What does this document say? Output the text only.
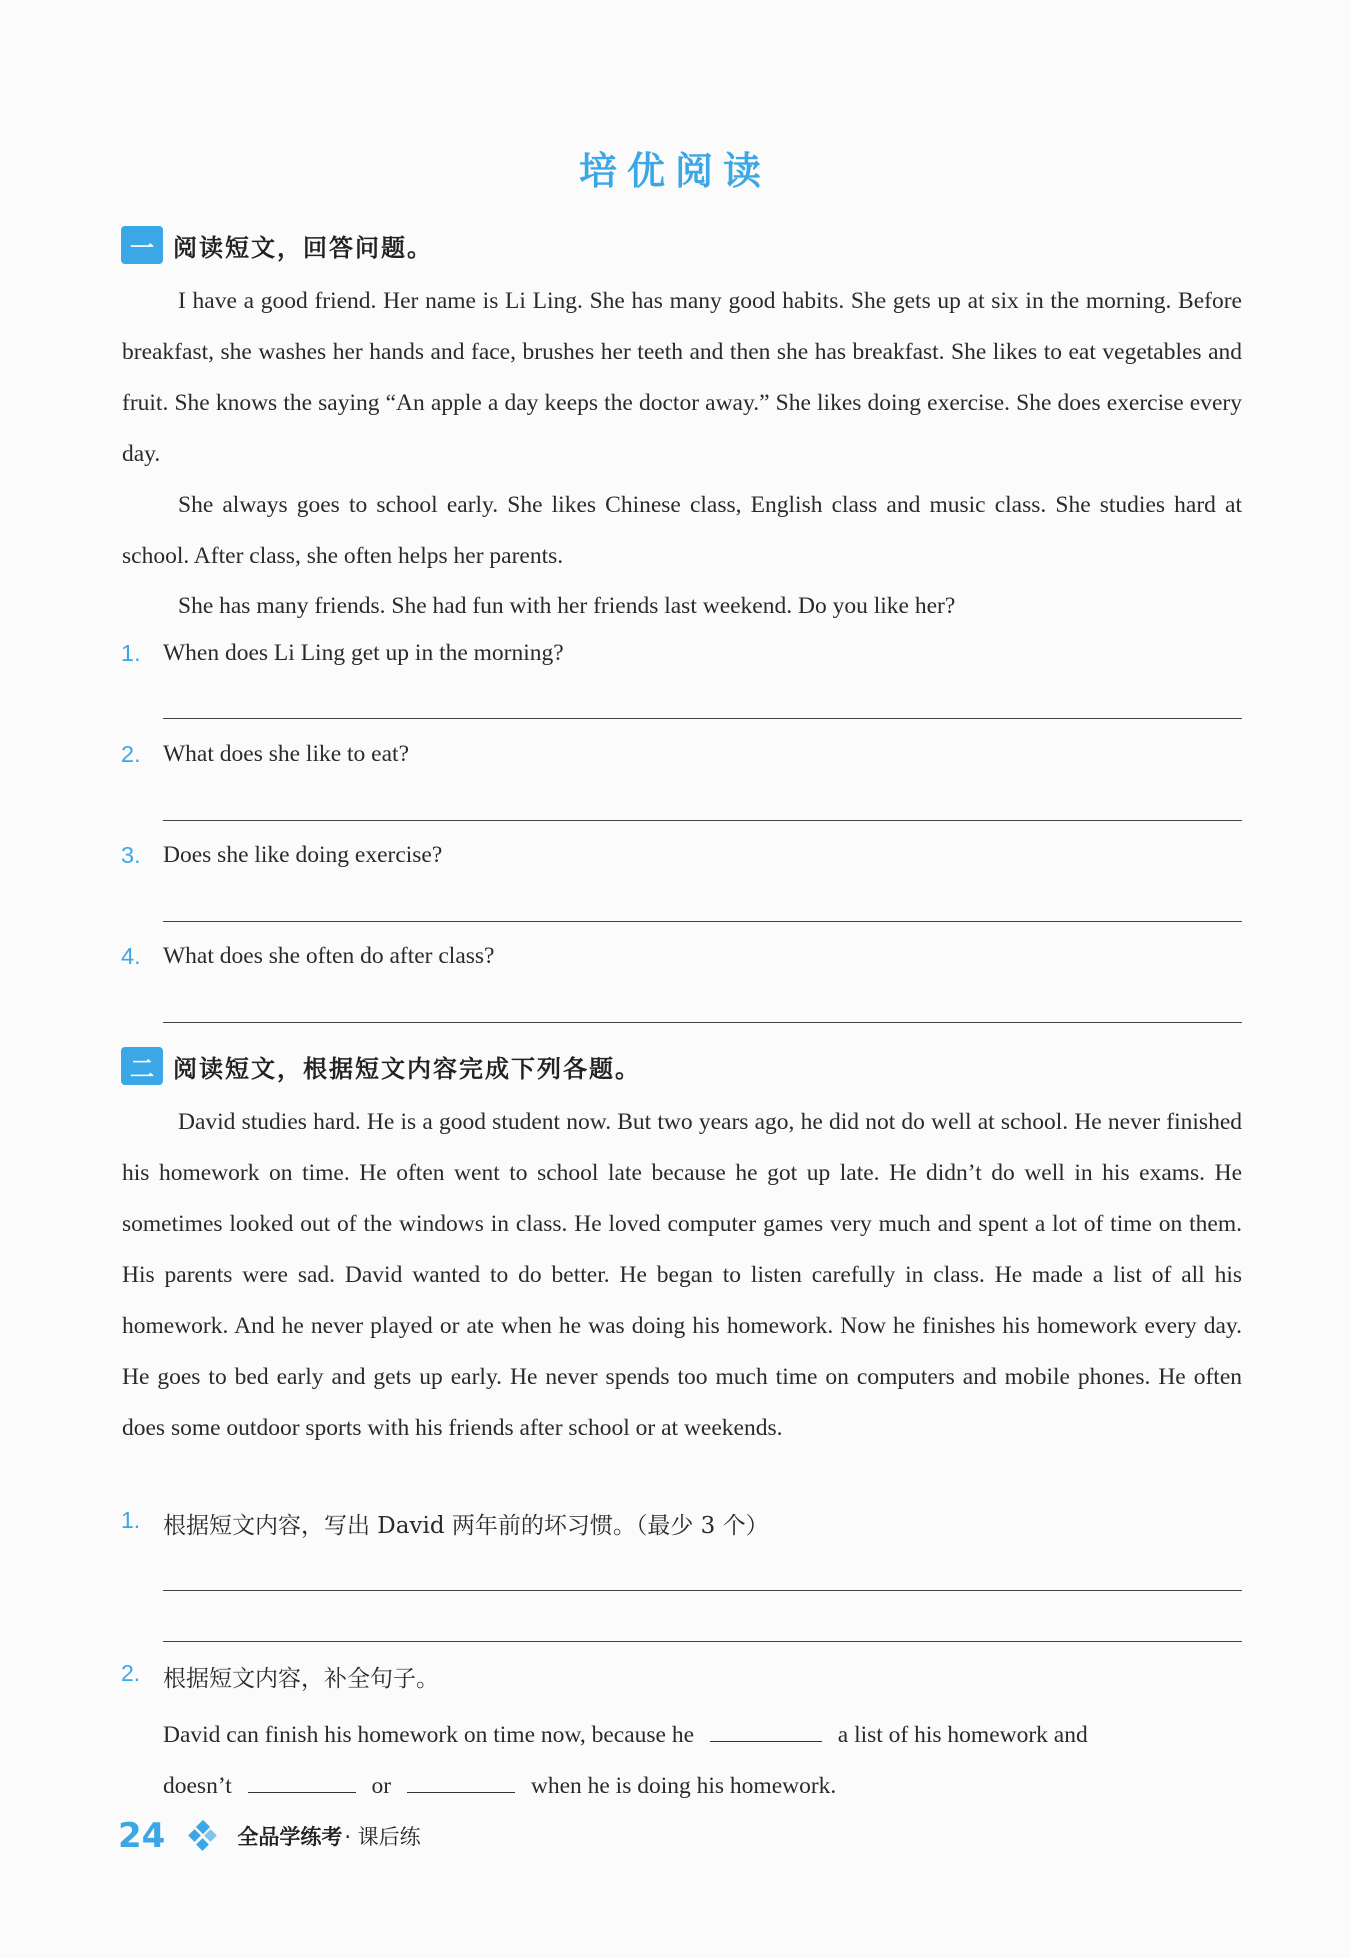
培优阅读
一 阅读短文，回答问题。

I have a good friend. Her name is Li Ling. She has many good habits. She gets up at six in the morning. Before breakfast, she washes her hands and face, brushes her teeth and then she has breakfast. She likes to eat vegetables and fruit. She knows the saying “An apple a day keeps the doctor away.” She likes doing exercise. She does exercise every day.

She always goes to school early. She likes Chinese class, English class and music class. She studies hard at school. After class, she often helps her parents.

She has many friends. She had fun with her friends last weekend. Do you like her?

1. When does Li Ling get up in the morning?
2. What does she like to eat?
3. Does she like doing exercise?
4. What does she often do after class?
二 阅读短文，根据短文内容完成下列各题。

David studies hard. He is a good student now. But two years ago, he did not do well at school. He never finished his homework on time. He often went to school late because he got up late. He didn’t do well in his exams. He sometimes looked out of the windows in class. He loved computer games very much and spent a lot of time on them. His parents were sad. David wanted to do better. He began to listen carefully in class. He made a list of all his homework. And he never played or ate when he was doing his homework. Now he finishes his homework every day. He goes to bed early and gets up early. He never spends too much time on computers and mobile phones. He often does some outdoor sports with his friends after school or at weekends.

1. 根据短文内容，写出 David 两年前的坏习惯。（最少 3 个）
2. 根据短文内容，补全句子。
David can finish his homework on time now, because he	a list of his homework and
doesn’t	or	when he is doing his homework.
24	全品学练考 · 课后练
